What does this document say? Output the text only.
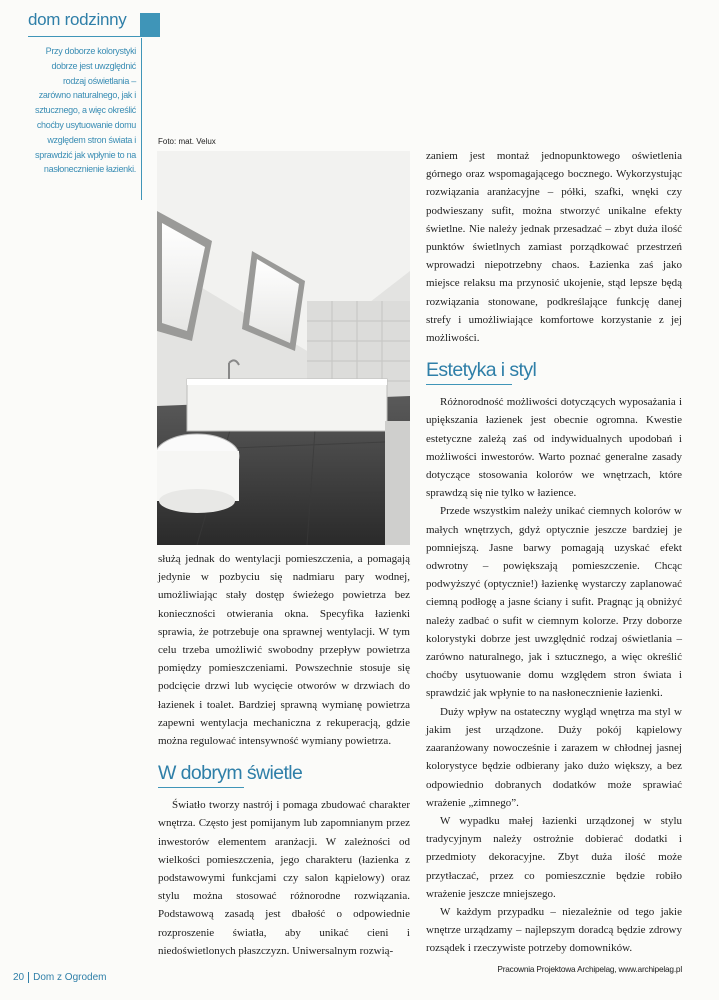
dom rodzinny
Przy doborze kolorystyki dobrze jest uwzględnić rodzaj oświetlania – zarówno naturalnego, jak i sztucznego, a więc określić choćby usytuowanie domu względem stron świata i sprawdzić jak wpłynie to na nasłonecznienie łazienki.
Foto: mat. Velux

służą jednak do wentylacji pomieszczenia, a pomagają jedynie w pozbyciu się nadmiaru pary wodnej, umożliwiając stały dostęp świeżego powietrza bez konieczności otwierania okna. Specyfika łazienki sprawia, że potrzebuje ona sprawnej wentylacji. W tym celu trzeba umożliwić swobodny przepływ powietrza pomiędzy pomieszczeniami. Powszechnie stosuje się podcięcie drzwi lub wycięcie otworów w drzwiach do łazienek i toalet. Bardziej sprawną wymianę powietrza zapewni wentylacja mechaniczna z rekuperacją, gdzie można regulować intensywność wymiany powietrza.

W dobrym świetle

Światło tworzy nastrój i pomaga zbudować charakter wnętrza. Często jest pomijanym lub zapomnianym przez inwestorów elementem aranżacji. W zależności od wielkości pomieszczenia, jego charakteru (łazienka z podstawowymi funkcjami czy salon kąpielowy) oraz stylu można stosować różnorodne rozwiązania. Podstawową zasadą jest dbałość o odpowiednie rozproszenie światła, aby unikać cieni i niedoświetlonych płaszczyzn. Uniwersalnym rozwią-

zaniem jest montaż jednopunktowego oświetlenia górnego oraz wspomagającego bocznego. Wykorzystując rozwiązania aranżacyjne – półki, szafki, wnęki czy podwieszany sufit, można stworzyć unikalne efekty świetlne. Nie należy jednak przesadzać – zbyt duża ilość punktów świetlnych zamiast porządkować przestrzeń wprowadzi niepotrzebny chaos. Łazienka zaś jako miejsce relaksu ma przynosić ukojenie, stąd lepsze będą rozwiązania stonowane, podkreślające funkcję danej strefy i umożliwiające komfortowe korzystanie z jej możliwości.

Estetyka i styl

Różnorodność możliwości dotyczących wyposażania i upiększania łazienek jest obecnie ogromna. Kwestie estetyczne zależą zaś od indywidualnych upodobań i możliwości inwestorów. Warto poznać generalne zasady dotyczące stosowania kolorów we wnętrzach, które sprawdzą się nie tylko w łazience.

Przede wszystkim należy unikać ciemnych kolorów w małych wnętrzych, gdyż optycznie jeszcze bardziej je pomniejszą. Jasne barwy pomagają uzyskać efekt odwrotny – powiększają pomieszczenie. Chcąc podwyższyć (optycznie!) łazienkę wystarczy zaplanować ciemną podłogę a jasne ściany i sufit. Pragnąc ją obniżyć należy zadbać o sufit w ciemnym kolorze. Przy doborze kolorystyki dobrze jest uwzględnić rodzaj oświetlania – zarówno naturalnego, jak i sztucznego, a więc określić choćby usytuowanie domu względem stron świata i sprawdzić jak wpłynie to na nasłonecznienie łazienki.

Duży wpływ na ostateczny wygląd wnętrza ma styl w jakim jest urządzone. Duży pokój kąpielowy zaaranżowany nowocześnie i zarazem w chłodnej jasnej kolorystyce będzie odbierany jako dużo większy, a bez odpowiednio dobranych dodatków może sprawiać wrażenie „zimnego”.

W wypadku małej łazienki urządzonej w stylu tradycyjnym należy ostrożnie dobierać dodatki i przedmioty dekoracyjne. Zbyt duża ilość może przytłaczać, przez co pomieszcznie będzie robiło wrażenie jeszcze mniejszego.

W każdym przypadku – niezależnie od tego jakie wnętrze urządzamy – najlepszym doradcą będzie zdrowy rozsądek i rzeczywiste potrzeby domowników.

Pracownia Projektowa Archipelag, www.archipelag.pl
20 Dom z Ogrodem
